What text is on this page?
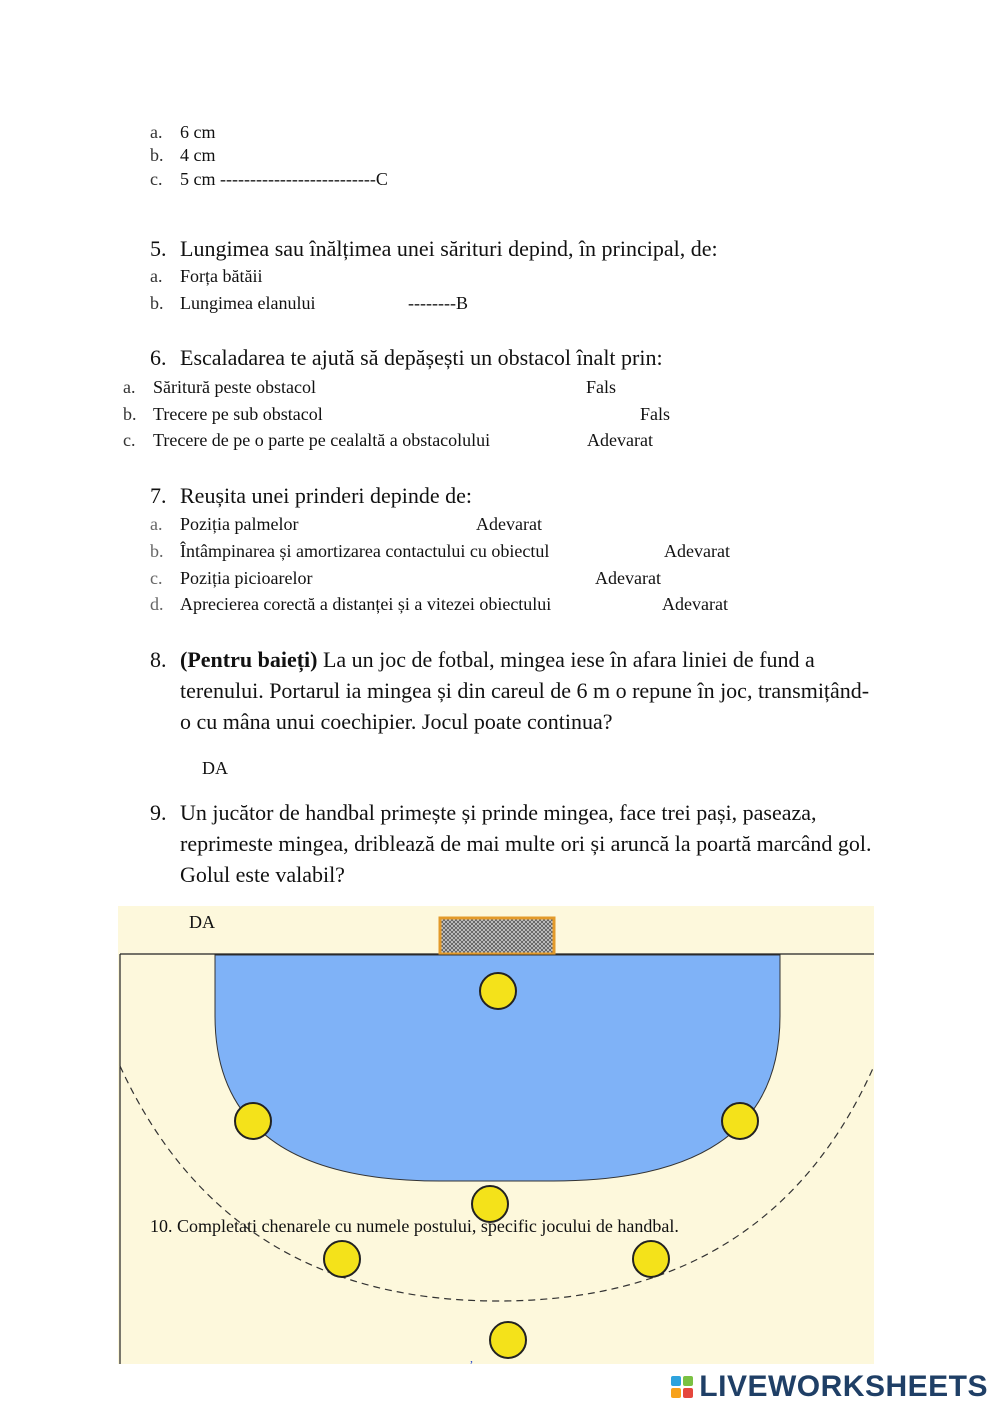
a. 6 cm
b. 4 cm
c. 5 cm --------------------------C
5. Lungimea sau înălțimea unei sărituri depind, în principal, de:
a. Forța bătăii
b. Lungimea elanului	--------B
6. Escaladarea te ajută să depășești un obstacol înalt prin:
a. Săritură peste obstacol	Fals
b. Trecere pe sub obstacol	Fals
c. Trecere de pe o parte pe cealaltă a obstacolului	Adevarat
7. Reușita unei prinderi depinde de:
a. Poziția palmelor	Adevarat
b. Întâmpinarea și amortizarea contactului cu obiectul	Adevarat
c. Poziția picioarelor	Adevarat
d. Aprecierea corectă a distanței și a vitezei obiectului	Adevarat
8. (Pentru baieți) La un joc de fotbal, mingea iese în afara liniei de fund a terenului. Portarul ia mingea și din careul de 6 m o repune în joc, transmițând-o cu mâna unui coechipier. Jocul poate continua?
DA
9. Un jucător de handbal primește și prinde mingea, face trei pași, paseaza, reprimeste mingea, driblează de mai multe ori și aruncă la poartă marcând gol. Golul este valabil?
,
DA
10. Completati chenarele cu numele postului, specific jocului de handbal.
LIVEWORKSHEETS
